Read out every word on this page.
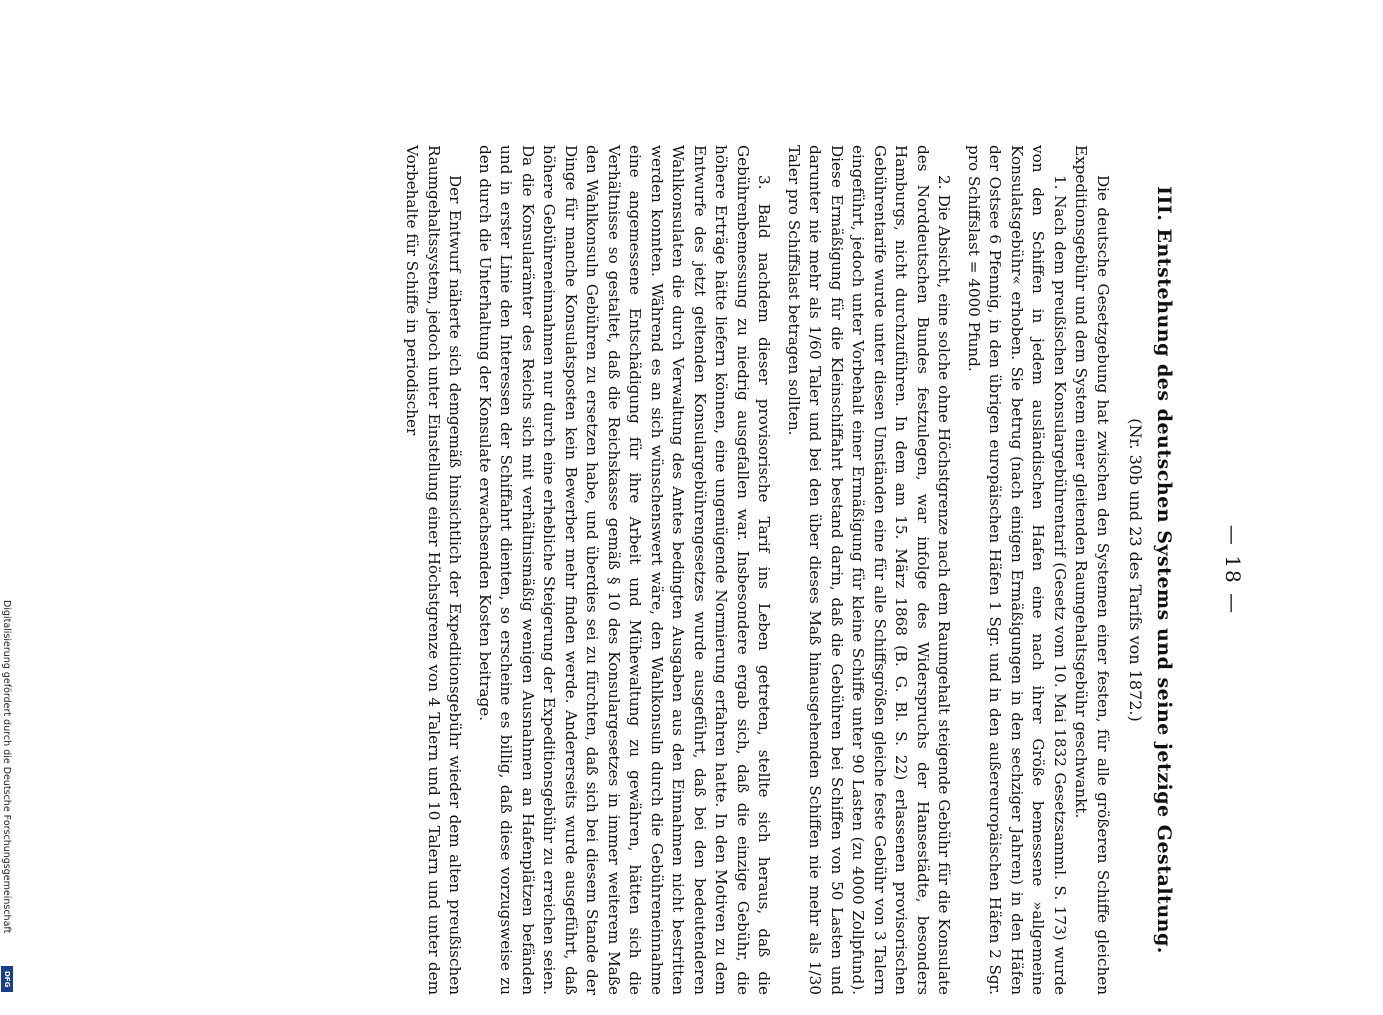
— 18 —
III. Entstehung des deutschen Systems und seine jetzige Gestaltung.
(Nr. 30b und 23 des Tarifs von 1872.)

Die deutsche Gesetzgebung hat zwischen den Systemen einer festen, für alle größeren Schiffe gleichen Expeditionsgebühr und dem System einer gleitenden Raumgehaltsgebühr geschwankt.

1. Nach dem preußischen Konsulargebührentarif (Gesetz vom 10. Mai 1832 Gesetzsamml. S. 173) wurde von den Schiffen in jedem ausländischen Hafen eine nach ihrer Größe bemessene »allgemeine Konsulatsgebühr« erhoben. Sie betrug (nach einigen Ermäßigungen in den sechziger Jahren) in den Häfen der Ostsee 6 Pfennig, in den übrigen europäischen Häfen 1 Sgr. und in den außereuropäischen Häfen 2 Sgr. pro Schiffslast = 4000 Pfund.

2. Die Absicht, eine solche ohne Höchstgrenze nach dem Raumgehalt steigende Gebühr für die Konsulate des Norddeutschen Bundes festzulegen, war infolge des Widerspruchs der Hansestädte, besonders Hamburgs, nicht durchzuführen. In dem am 15. März 1868 (B. G. Bl. S. 22) erlassenen provisorischen Gebührentarife wurde unter diesen Umständen eine für alle Schiffsgrößen gleiche feste Gebühr von 3 Talern eingeführt, jedoch unter Vorbehalt einer Ermäßigung für kleine Schiffe unter 90 Lasten (zu 4000 Zollpfund). Diese Ermäßigung für die Kleinschiffahrt bestand darin, daß die Gebühren bei Schiffen von 50 Lasten und darunter nie mehr als 1/60 Taler und bei den über dieses Maß hinausgehenden Schiffen nie mehr als 1/30 Taler pro Schiffslast betragen sollten.

3. Bald nachdem dieser provisorische Tarif ins Leben getreten, stellte sich heraus, daß die Gebührenbemessung zu niedrig ausgefallen war. Insbesondere ergab sich, daß die einzige Gebühr, die höhere Erträge hätte liefern können, eine ungenügende Normierung erfahren hatte. In den Motiven zu dem Entwurfe des jetzt geltenden Konsulargebührengesetzes wurde ausgeführt, daß bei den bedeutenderen Wahlkonsulaten die durch Verwaltung des Amtes bedingten Ausgaben aus den Einnahmen nicht bestritten werden konnten. Während es an sich wünschenswert wäre, den Wahlkonsuln durch die Gebühreneinnahme eine angemessene Entschädigung für ihre Arbeit und Mühewaltung zu gewähren, hätten sich die Verhältnisse so gestaltet, daß die Reichskasse gemäß § 10 des Konsulargesetzes in immer weiterem Maße den Wahlkonsuln Gebühren zu ersetzen habe, und überdies sei zu fürchten, daß sich bei diesem Stande der Dinge für manche Konsulatsposten kein Bewerber mehr finden werde. Andererseits wurde ausgeführt, daß höhere Gebühreneinnahmen nur durch eine erhebliche Steigerung der Expeditionsgebühr zu erreichen seien. Da die Konsularämter des Reichs sich mit verhältnismäßig wenigen Ausnahmen an Hafenplätzen befänden und in erster Linie den Interessen der Schiffahrt dienten, so erscheine es billig, daß diese vorzugsweise zu den durch die Unterhaltung der Konsulate erwachsenden Kosten beitrage.

Der Entwurf näherte sich demgemäß hinsichtlich der Expeditionsgebühr wieder dem alten preußischen Raumgehaltssystem, jedoch unter Einstellung einer Höchstgrenze von 4 Talern und 10 Talern und unter dem Vorbehalte für Schiffe in periodischer

Digitalisierung gefördert durch die Deutsche Forschungsgemeinschaft
DFG
